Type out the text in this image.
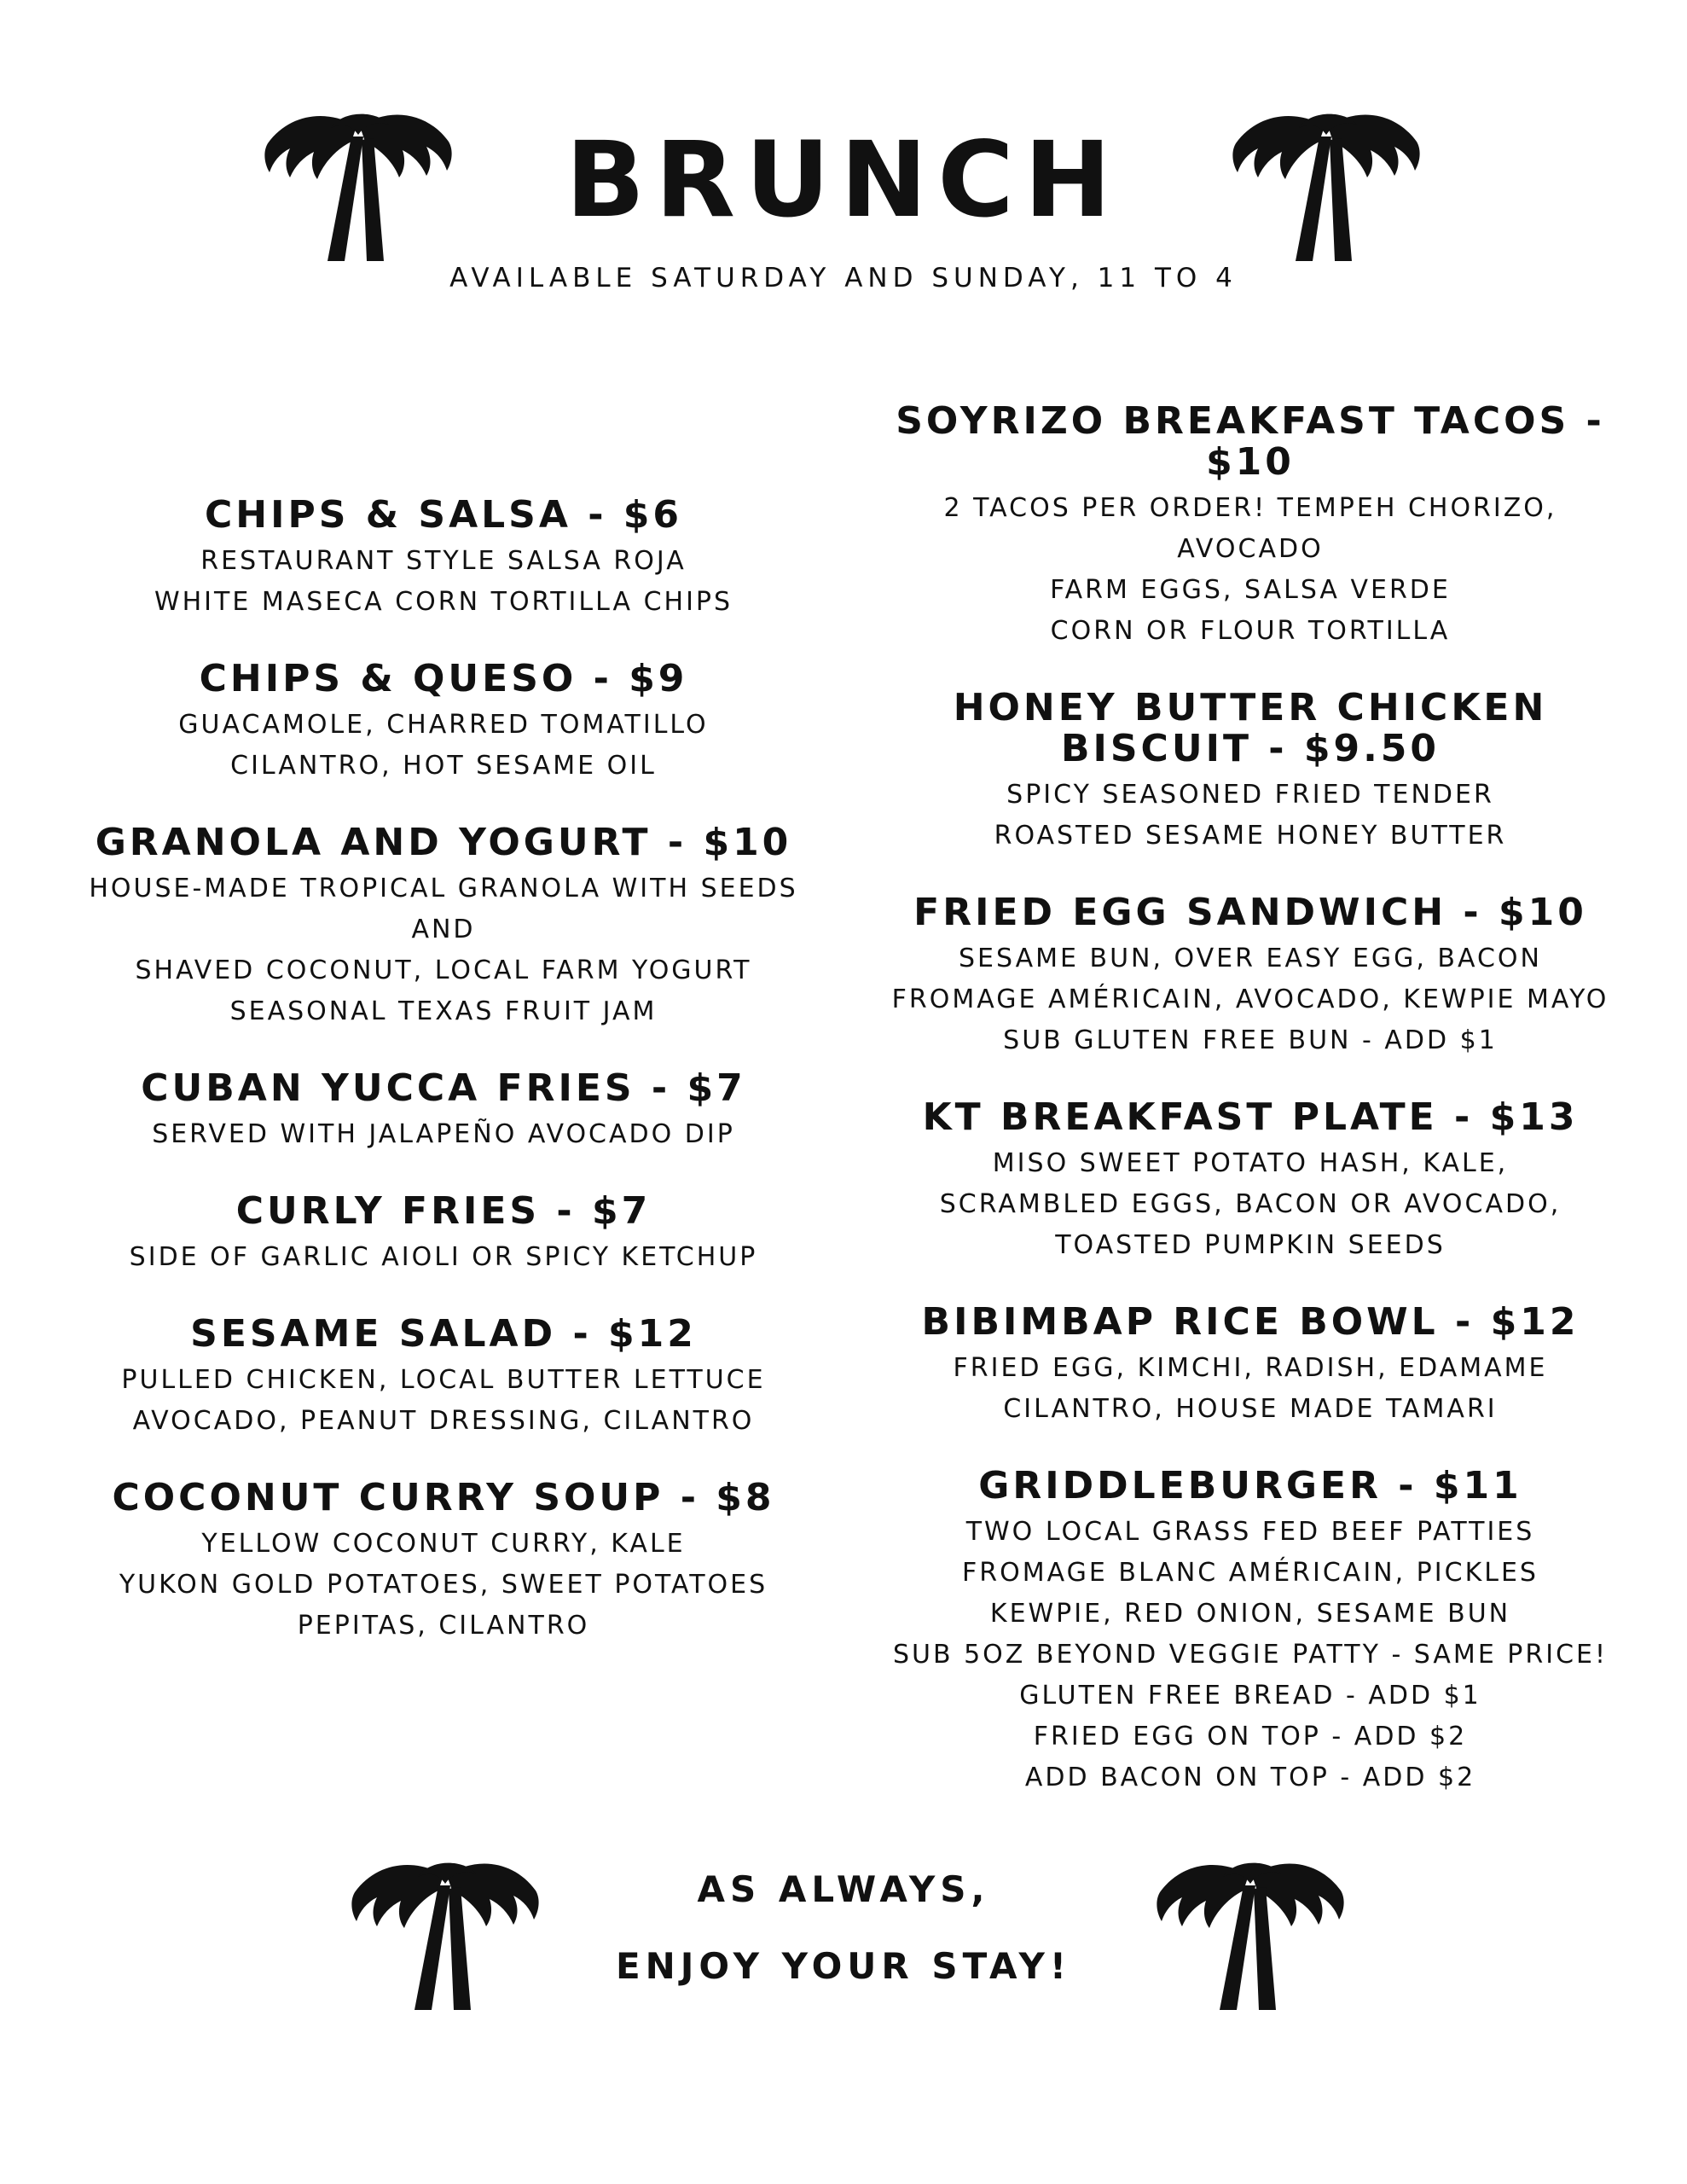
BRUNCH
AVAILABLE SATURDAY AND SUNDAY, 11 TO 4
CHIPS & SALSA - $6
RESTAURANT STYLE SALSA ROJA
WHITE MASECA CORN TORTILLA CHIPS
CHIPS & QUESO - $9
GUACAMOLE, CHARRED TOMATILLO
CILANTRO, HOT SESAME OIL
GRANOLA AND YOGURT - $10
HOUSE-MADE TROPICAL GRANOLA WITH SEEDS AND
SHAVED COCONUT, LOCAL FARM YOGURT
SEASONAL TEXAS FRUIT JAM
CUBAN YUCCA FRIES - $7
SERVED WITH JALAPEÑO AVOCADO DIP
CURLY FRIES - $7
SIDE OF GARLIC AIOLI OR SPICY KETCHUP
SESAME SALAD - $12
PULLED CHICKEN, LOCAL BUTTER LETTUCE
AVOCADO, PEANUT DRESSING, CILANTRO
COCONUT CURRY SOUP - $8
YELLOW COCONUT CURRY, KALE
YUKON GOLD POTATOES, SWEET POTATOES
PEPITAS, CILANTRO
SOYRIZO BREAKFAST TACOS - $10
2 TACOS PER ORDER! TEMPEH CHORIZO, AVOCADO
FARM EGGS, SALSA VERDE
CORN OR FLOUR TORTILLA
HONEY BUTTER CHICKEN
BISCUIT - $9.50
SPICY SEASONED FRIED TENDER
ROASTED SESAME HONEY BUTTER
FRIED EGG SANDWICH - $10
SESAME BUN, OVER EASY EGG, BACON
FROMAGE AMÉRICAIN, AVOCADO, KEWPIE MAYO
SUB GLUTEN FREE BUN - ADD $1
KT BREAKFAST PLATE - $13
MISO SWEET POTATO HASH, KALE,
SCRAMBLED EGGS, BACON OR AVOCADO,
TOASTED PUMPKIN SEEDS
BIBIMBAP RICE BOWL - $12
FRIED EGG, KIMCHI, RADISH, EDAMAME
CILANTRO, HOUSE MADE TAMARI
GRIDDLEBURGER - $11
TWO LOCAL GRASS FED BEEF PATTIES
FROMAGE BLANC AMÉRICAIN, PICKLES
KEWPIE, RED ONION, SESAME BUN
SUB 5OZ BEYOND VEGGIE PATTY - SAME PRICE!
GLUTEN FREE BREAD - ADD $1
FRIED EGG ON TOP - ADD $2
ADD BACON ON TOP - ADD $2
AS ALWAYS,
ENJOY YOUR STAY!
